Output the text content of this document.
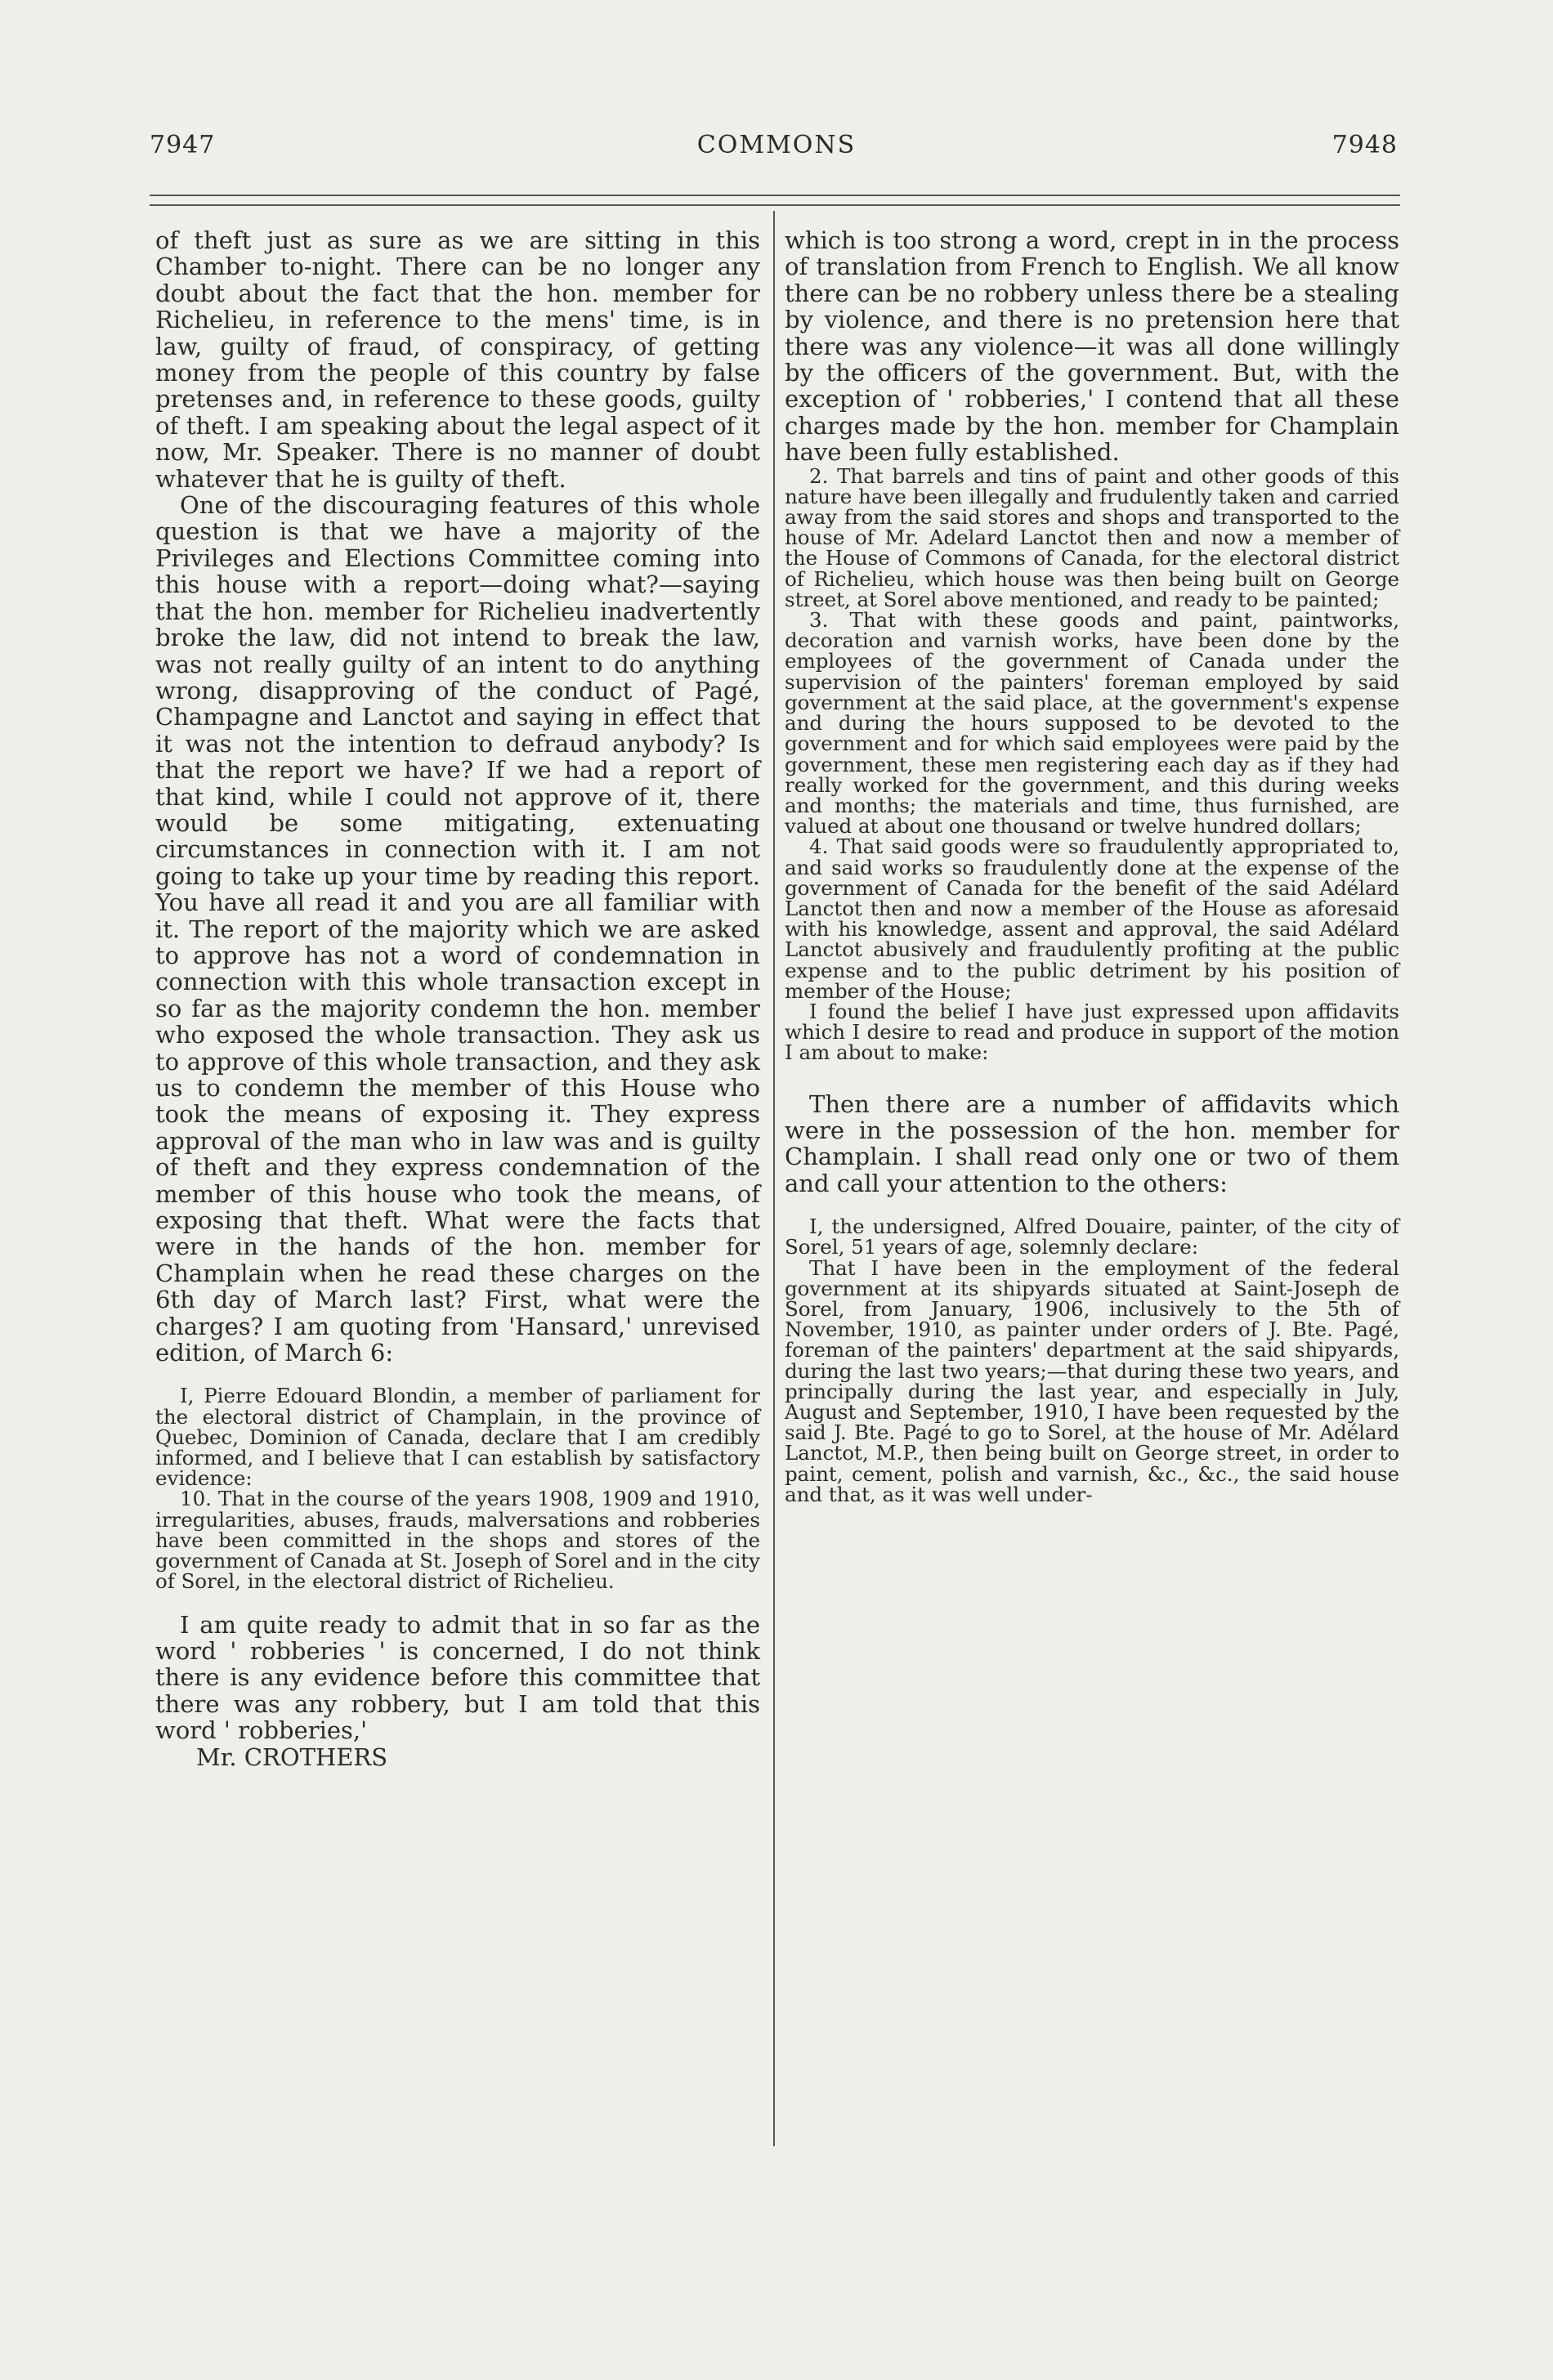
7947	COMMONS	7948

of theft just as sure as we are sitting in this Chamber to-night. There can be no longer any doubt about the fact that the hon. member for Richelieu, in reference to the mens' time, is in law, guilty of fraud, of conspiracy, of getting money from the people of this country by false pretenses and, in reference to these goods, guilty of theft. I am speaking about the legal aspect of it now, Mr. Speaker. There is no manner of doubt whatever that he is guilty of theft.

One of the discouraging features of this whole question is that we have a majority of the Privileges and Elections Committee coming into this house with a report—doing what?—saying that the hon. member for Richelieu inadvertently broke the law, did not intend to break the law, was not really guilty of an intent to do anything wrong, disapproving of the conduct of Pagé, Champagne and Lanctot and saying in effect that it was not the intention to defraud anybody? Is that the report we have? If we had a report of that kind, while I could not approve of it, there would be some mitigating, extenuating circumstances in connection with it. I am not going to take up your time by reading this report. You have all read it and you are all familiar with it. The report of the majority which we are asked to approve has not a word of condemnation in connection with this whole transaction except in so far as the majority condemn the hon. member who exposed the whole transaction. They ask us to approve of this whole transaction, and they ask us to condemn the member of this House who took the means of exposing it. They express approval of the man who in law was and is guilty of theft and they express condemnation of the member of this house who took the means, of exposing that theft. What were the facts that were in the hands of the hon. member for Champlain when he read these charges on the 6th day of March last? First, what were the charges? I am quoting from 'Hansard,' unrevised edition, of March 6:

I, Pierre Edouard Blondin, a member of parliament for the electoral district of Champlain, in the province of Quebec, Dominion of Canada, declare that I am credibly informed, and I believe that I can establish by satisfactory evidence:

10. That in the course of the years 1908, 1909 and 1910, irregularities, abuses, frauds, malversations and robberies have been committed in the shops and stores of the government of Canada at St. Joseph of Sorel and in the city of Sorel, in the electoral district of Richelieu.

I am quite ready to admit that in so far as the word ' robberies ' is concerned, I do not think there is any evidence before this committee that there was any robbery, but I am told that this word ' robberies,'

Mr. CROTHERS

which is too strong a word, crept in in the process of translation from French to English. We all know there can be no robbery unless there be a stealing by violence, and there is no pretension here that there was any violence—it was all done willingly by the officers of the government. But, with the exception of ' robberies,' I contend that all these charges made by the hon. member for Champlain have been fully established.

2. That barrels and tins of paint and other goods of this nature have been illegally and frudulently taken and carried away from the said stores and shops and transported to the house of Mr. Adelard Lanctot then and now a member of the House of Commons of Canada, for the electoral district of Richelieu, which house was then being built on George street, at Sorel above mentioned, and ready to be painted;

3. That with these goods and paint, paintworks, decoration and varnish works, have been done by the employees of the government of Canada under the supervision of the painters' foreman employed by said government at the said place, at the government's expense and during the hours supposed to be devoted to the government and for which said employees were paid by the government, these men registering each day as if they had really worked for the government, and this during weeks and months; the materials and time, thus furnished, are valued at about one thousand or twelve hundred dollars;

4. That said goods were so fraudulently appropriated to, and said works so fraudulently done at the expense of the government of Canada for the benefit of the said Adélard Lanctot then and now a member of the House as aforesaid with his knowledge, assent and approval, the said Adélard Lanctot abusively and fraudulently profiting at the public expense and to the public detriment by his position of member of the House;

I found the belief I have just expressed upon affidavits which I desire to read and produce in support of the motion I am about to make:

Then there are a number of affidavits which were in the possession of the hon. member for Champlain. I shall read only one or two of them and call your attention to the others:

I, the undersigned, Alfred Douaire, painter, of the city of Sorel, 51 years of age, solemnly declare:

That I have been in the employment of the federal government at its shipyards situated at Saint-Joseph de Sorel, from January, 1906, inclusively to the 5th of November, 1910, as painter under orders of J. Bte. Pagé, foreman of the painters' department at the said shipyards, during the last two years;—that during these two years, and principally during the last year, and especially in July, August and September, 1910, I have been requested by the said J. Bte. Pagé to go to Sorel, at the house of Mr. Adélard Lanctot, M.P., then being built on George street, in order to paint, cement, polish and varnish, &c., &c., the said house and that, as it was well under-
